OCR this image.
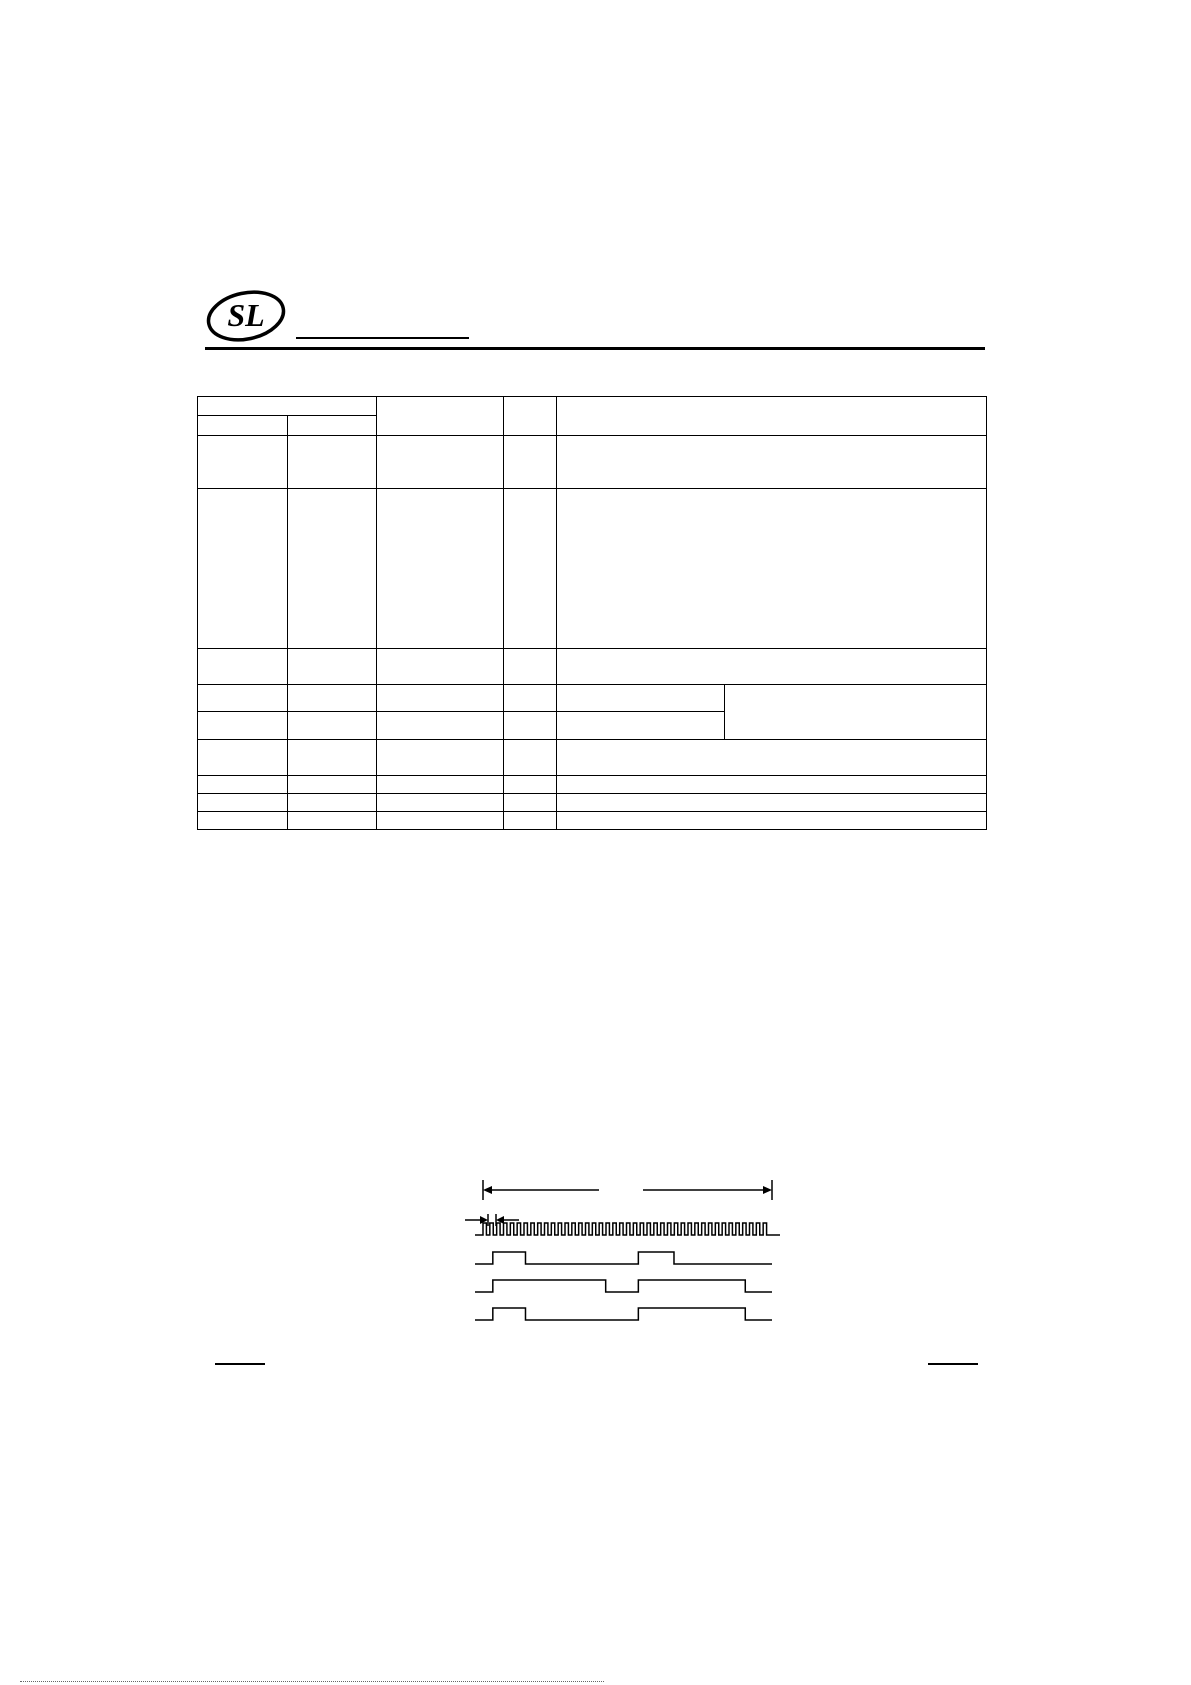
SL
